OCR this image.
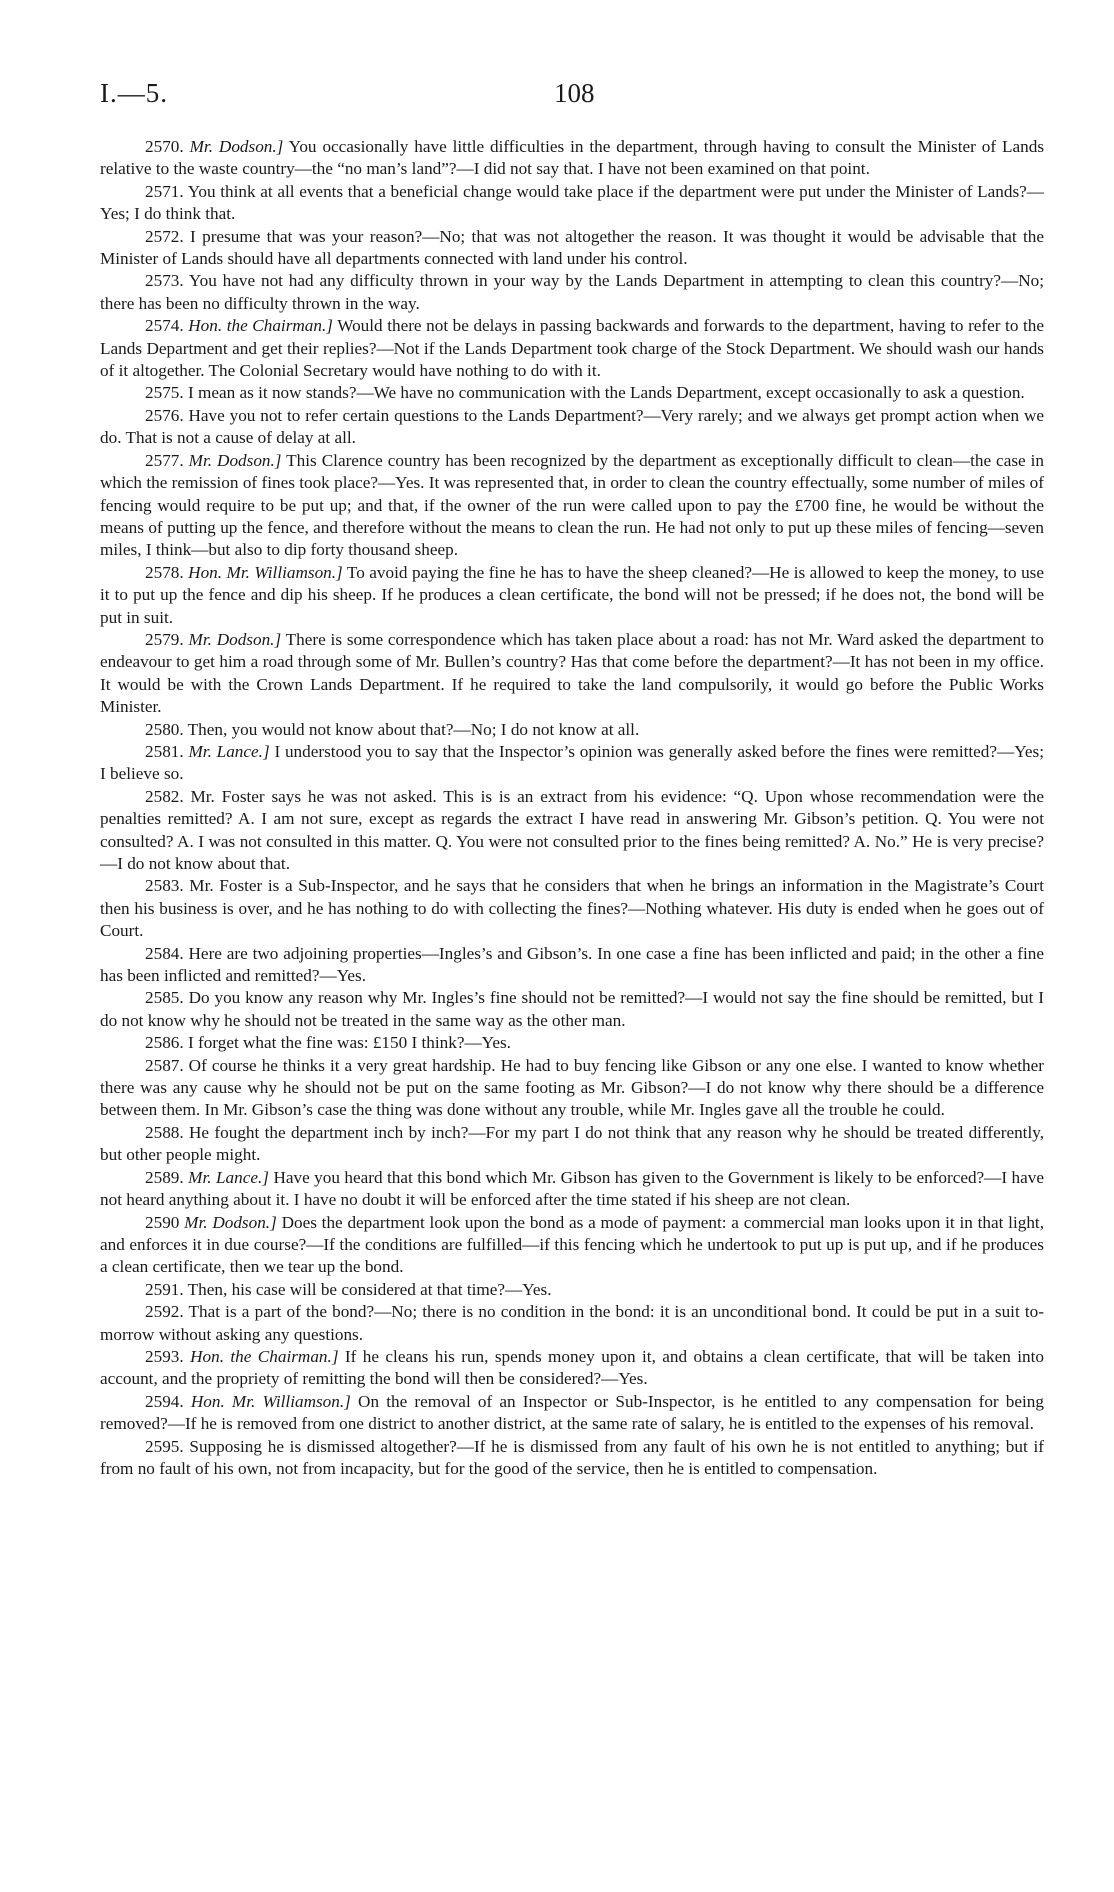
I.—5.	108

2570. Mr. Dodson.] You occasionally have little difficulties in the department, through having to consult the Minister of Lands relative to the waste country—the “no man’s land”?—I did not say that. I have not been examined on that point.

2571. You think at all events that a beneficial change would take place if the department were put under the Minister of Lands?—Yes; I do think that.

2572. I presume that was your reason?—No; that was not altogether the reason. It was thought it would be advisable that the Minister of Lands should have all departments connected with land under his control.

2573. You have not had any difficulty thrown in your way by the Lands Department in attempting to clean this country?—No; there has been no difficulty thrown in the way.

2574. Hon. the Chairman.] Would there not be delays in passing backwards and forwards to the department, having to refer to the Lands Department and get their replies?—Not if the Lands Department took charge of the Stock Department. We should wash our hands of it altogether. The Colonial Secretary would have nothing to do with it.

2575. I mean as it now stands?—We have no communication with the Lands Department, except occasionally to ask a question.

2576. Have you not to refer certain questions to the Lands Department?—Very rarely; and we always get prompt action when we do. That is not a cause of delay at all.

2577. Mr. Dodson.] This Clarence country has been recognized by the department as exceptionally difficult to clean—the case in which the remission of fines took place?—Yes. It was represented that, in order to clean the country effectually, some number of miles of fencing would require to be put up; and that, if the owner of the run were called upon to pay the £700 fine, he would be without the means of putting up the fence, and therefore without the means to clean the run. He had not only to put up these miles of fencing—seven miles, I think—but also to dip forty thousand sheep.

2578. Hon. Mr. Williamson.] To avoid paying the fine he has to have the sheep cleaned?—He is allowed to keep the money, to use it to put up the fence and dip his sheep. If he produces a clean certificate, the bond will not be pressed; if he does not, the bond will be put in suit.

2579. Mr. Dodson.] There is some correspondence which has taken place about a road: has not Mr. Ward asked the department to endeavour to get him a road through some of Mr. Bullen’s country? Has that come before the department?—It has not been in my office. It would be with the Crown Lands Department. If he required to take the land compulsorily, it would go before the Public Works Minister.

2580. Then, you would not know about that?—No; I do not know at all.

2581. Mr. Lance.] I understood you to say that the Inspector’s opinion was generally asked before the fines were remitted?—Yes; I believe so.

2582. Mr. Foster says he was not asked. This is is an extract from his evidence: “Q. Upon whose recommendation were the penalties remitted? A. I am not sure, except as regards the extract I have read in answering Mr. Gibson’s petition. Q. You were not consulted? A. I was not consulted in this matter. Q. You were not consulted prior to the fines being remitted? A. No.” He is very precise?—I do not know about that.

2583. Mr. Foster is a Sub-Inspector, and he says that he considers that when he brings an information in the Magistrate’s Court then his business is over, and he has nothing to do with collecting the fines?—Nothing whatever. His duty is ended when he goes out of Court.

2584. Here are two adjoining properties—Ingles’s and Gibson’s. In one case a fine has been inflicted and paid; in the other a fine has been inflicted and remitted?—Yes.

2585. Do you know any reason why Mr. Ingles’s fine should not be remitted?—I would not say the fine should be remitted, but I do not know why he should not be treated in the same way as the other man.

2586. I forget what the fine was: £150 I think?—Yes.

2587. Of course he thinks it a very great hardship. He had to buy fencing like Gibson or any one else. I wanted to know whether there was any cause why he should not be put on the same footing as Mr. Gibson?—I do not know why there should be a difference between them. In Mr. Gibson’s case the thing was done without any trouble, while Mr. Ingles gave all the trouble he could.

2588. He fought the department inch by inch?—For my part I do not think that any reason why he should be treated differently, but other people might.

2589. Mr. Lance.] Have you heard that this bond which Mr. Gibson has given to the Government is likely to be enforced?—I have not heard anything about it. I have no doubt it will be enforced after the time stated if his sheep are not clean.

2590 Mr. Dodson.] Does the department look upon the bond as a mode of payment: a commercial man looks upon it in that light, and enforces it in due course?—If the conditions are fulfilled—if this fencing which he undertook to put up is put up, and if he produces a clean certificate, then we tear up the bond.

2591. Then, his case will be considered at that time?—Yes.

2592. That is a part of the bond?—No; there is no condition in the bond: it is an unconditional bond. It could be put in a suit to-morrow without asking any questions.

2593. Hon. the Chairman.] If he cleans his run, spends money upon it, and obtains a clean certificate, that will be taken into account, and the propriety of remitting the bond will then be considered?—Yes.

2594. Hon. Mr. Williamson.] On the removal of an Inspector or Sub-Inspector, is he entitled to any compensation for being removed?—If he is removed from one district to another district, at the same rate of salary, he is entitled to the expenses of his removal.

2595. Supposing he is dismissed altogether?—If he is dismissed from any fault of his own he is not entitled to anything; but if from no fault of his own, not from incapacity, but for the good of the service, then he is entitled to compensation.
